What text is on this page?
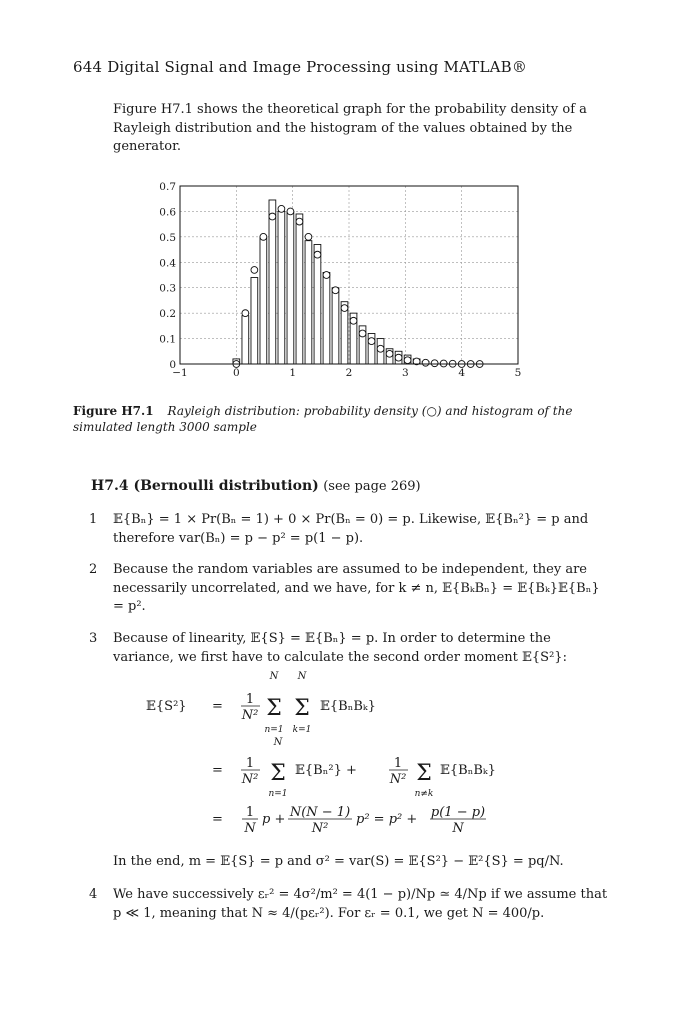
644 Digital Signal and Image Processing using MATLAB®
Figure H7.1 shows the theoretical graph for the probability density of a Rayleigh distribution and the histogram of the values obtained by the generator.
0
0.1
0.2
0.3
0.4
0.5
0.6
0.7
−1	0	1	2	3	4	5
Figure H7.1 Rayleigh distribution: probability density (○) and histogram of the simulated length 3000 sample
H7.4 (Bernoulli distribution) (see page 269)
1 𝔼{Bₙ} = 1 × Pr(Bₙ = 1) + 0 × Pr(Bₙ = 0) = p. Likewise, 𝔼{Bₙ²} = p and therefore var(Bₙ) = p − p² = p(1 − p).
2 Because the random variables are assumed to be independent, they are necessarily uncorrelated, and we have, for k ≠ n, 𝔼{BₖBₙ} = 𝔼{Bₖ}𝔼{Bₙ} = p².
3 Because of linearity, 𝔼{S} = 𝔼{Bₙ} = p. In order to determine the variance, we first have to calculate the second order moment 𝔼{S²}:
𝔼{S²} = 1
N²
N
Σ
n=1
N
Σ
k=1
𝔼{BₙBₖ}
= 1
N²
N
Σ
n=1
𝔼{Bₙ²} +	1
N² Σ
n≠k
𝔼{BₙBₖ}
= 1
N
p + N(N − 1)
N²
p² = p² + p(1 − p)
N
In the end, m = 𝔼{S} = p and σ² = var(S) = 𝔼{S²} − 𝔼²{S} = pq/N.
4 We have successively εᵣ² = 4σ²/m² = 4(1 − p)/Np ≃ 4/Np if we assume that p ≪ 1, meaning that N ≈ 4/(pεᵣ²). For εᵣ = 0.1, we get N = 400/p.
